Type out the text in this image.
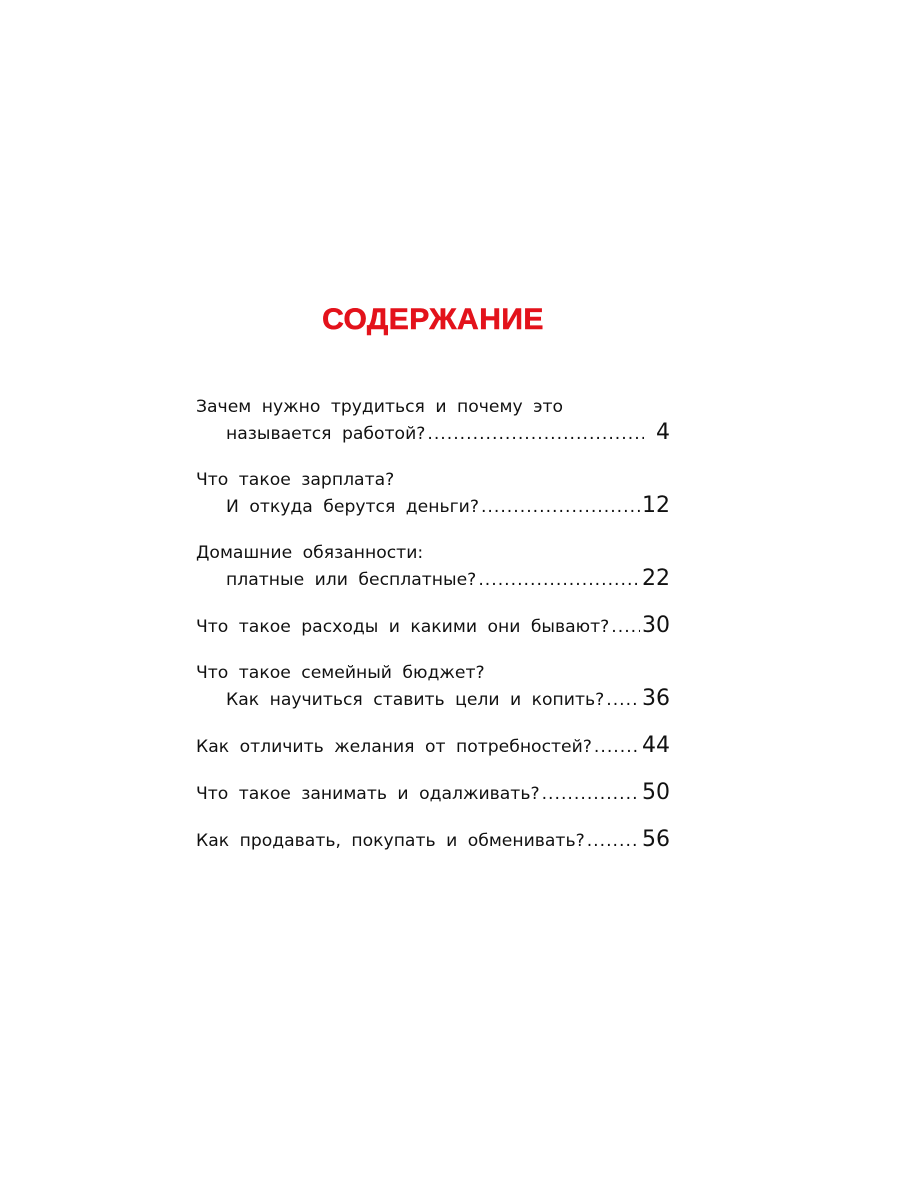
СОДЕРЖАНИЕ
Зачем нужно трудиться и почему это
называется работой? .....	4
Что такое зарплата?
И откуда берутся деньги? .....	12
Домашние обязанности:
платные или бесплатные? .....	22
Что такое расходы и какими они бывают? ..... 30
Что такое семейный бюджет?
Как научиться ставить цели и копить? ..... 36
Как отличить желания от потребностей? ..... 44
Что такое занимать и одалживать? .....	50
Как продавать, покупать и обменивать? .....	56
